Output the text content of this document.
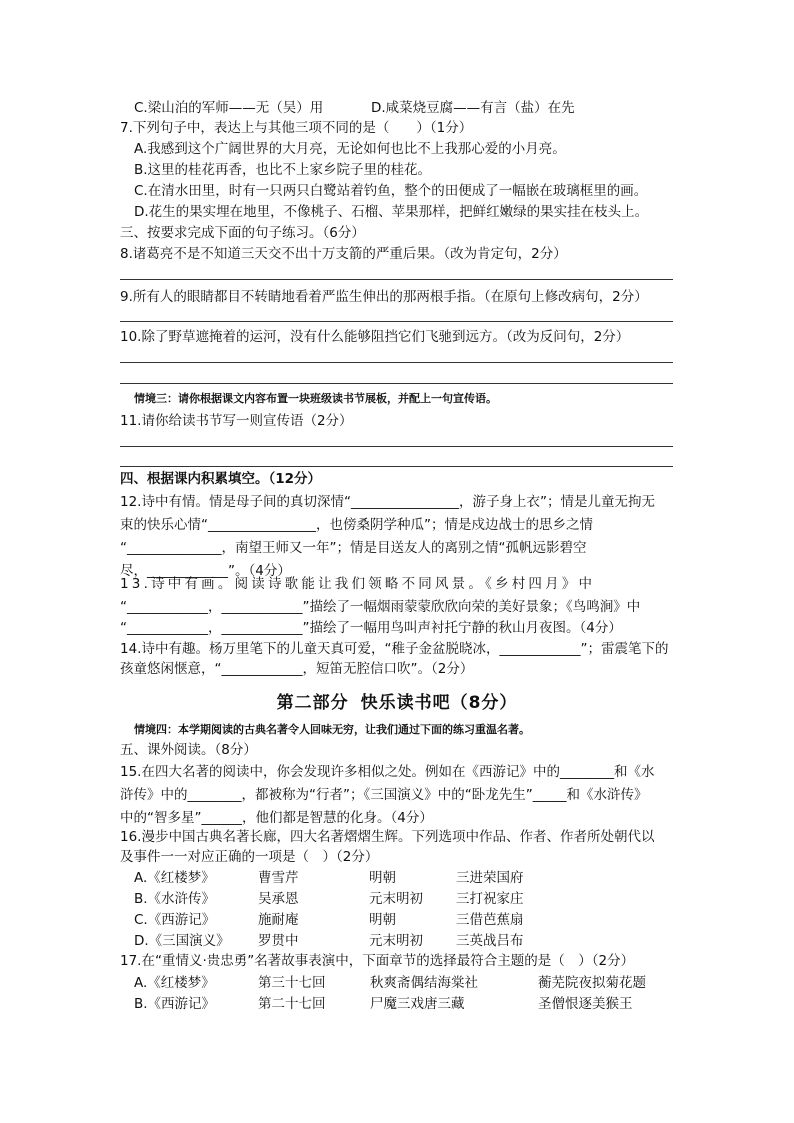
C.梁山泊的军师——无（吴）用	D.咸菜烧豆腐——有言（盐）在先
7.下列句子中，表达上与其他三项不同的是（　　）（1分）
A.我感到这个广阔世界的大月亮，无论如何也比不上我那心爱的小月亮。
B.这里的桂花再香，也比不上家乡院子里的桂花。
C.在清水田里，时有一只两只白鹭站着钓鱼，整个的田便成了一幅嵌在玻璃框里的画。
D.花生的果实埋在地里，不像桃子、石榴、苹果那样，把鲜红嫩绿的果实挂在枝头上。
三、按要求完成下面的句子练习。（6分）
8.诸葛亮不是不知道三天交不出十万支箭的严重后果。（改为肯定句，2分）
9.所有人的眼睛都目不转睛地看着严监生伸出的那两根手指。（在原句上修改病句，2分）
10.除了野草遮掩着的运河，没有什么能够阻挡它们飞驰到远方。（改为反问句，2分）
情境三：请你根据课文内容布置一块班级读书节展板，并配上一句宣传语。
11.请你给读书节写一则宣传语（2分）
四、根据课内积累填空。（12分）
12.诗中有情。情是母子间的真切深情“________________，游子身上衣”；情是儿童无拘无
束的快乐心情“________________，也傍桑阴学种瓜”；情是戍边战士的思乡之情
“______________，南望王师又一年”；情是目送友人的离别之情“孤帆远影碧空
尽，____________”。（4分）
13.诗中有画。阅读诗歌能让我们领略不同风景。《乡村四月》中
“____________，____________”描绘了一幅烟雨蒙蒙欣欣向荣的美好景象；《鸟鸣涧》中
“____________，____________”描绘了一幅用鸟叫声衬托宁静的秋山月夜图。（4分）
14.诗中有趣。杨万里笔下的儿童天真可爱，“稚子金盆脱晓冰，____________”；雷震笔下的
孩童悠闲惬意，“____________，短笛无腔信口吹”。（2分）
第二部分 快乐读书吧（8分）
情境四：本学期阅读的古典名著令人回味无穷，让我们通过下面的练习重温名著。
五、课外阅读。（8分）
15.在四大名著的阅读中，你会发现许多相似之处。例如在《西游记》中的________和《水
浒传》中的________，都被称为“行者”；《三国演义》中的“卧龙先生”_____和《水浒传》
中的“智多星”______，他们都是智慧的化身。（4分）
16.漫步中国古典名著长廊，四大名著熠熠生辉。下列选项中作品、作者、作者所处朝代以
及事件一一对应正确的一项是（　）（2分）
A.《红楼梦》	曹雪芹	明朝	三进荣国府
B.《水浒传》	吴承恩	元末明初 三打祝家庄
C.《西游记》	施耐庵	明朝	三借芭蕉扇
D.《三国演义》 罗贯中	元末明初 三英战吕布
17.在“重情义·贵忠勇”名著故事表演中，下面章节的选择最符合主题的是（　）（2分）
A.《红楼梦》	第三十七回	秋爽斋偶结海棠社	蘅芜院夜拟菊花题
B.《西游记》	第二十七回	尸魔三戏唐三藏	圣僧恨逐美猴王
